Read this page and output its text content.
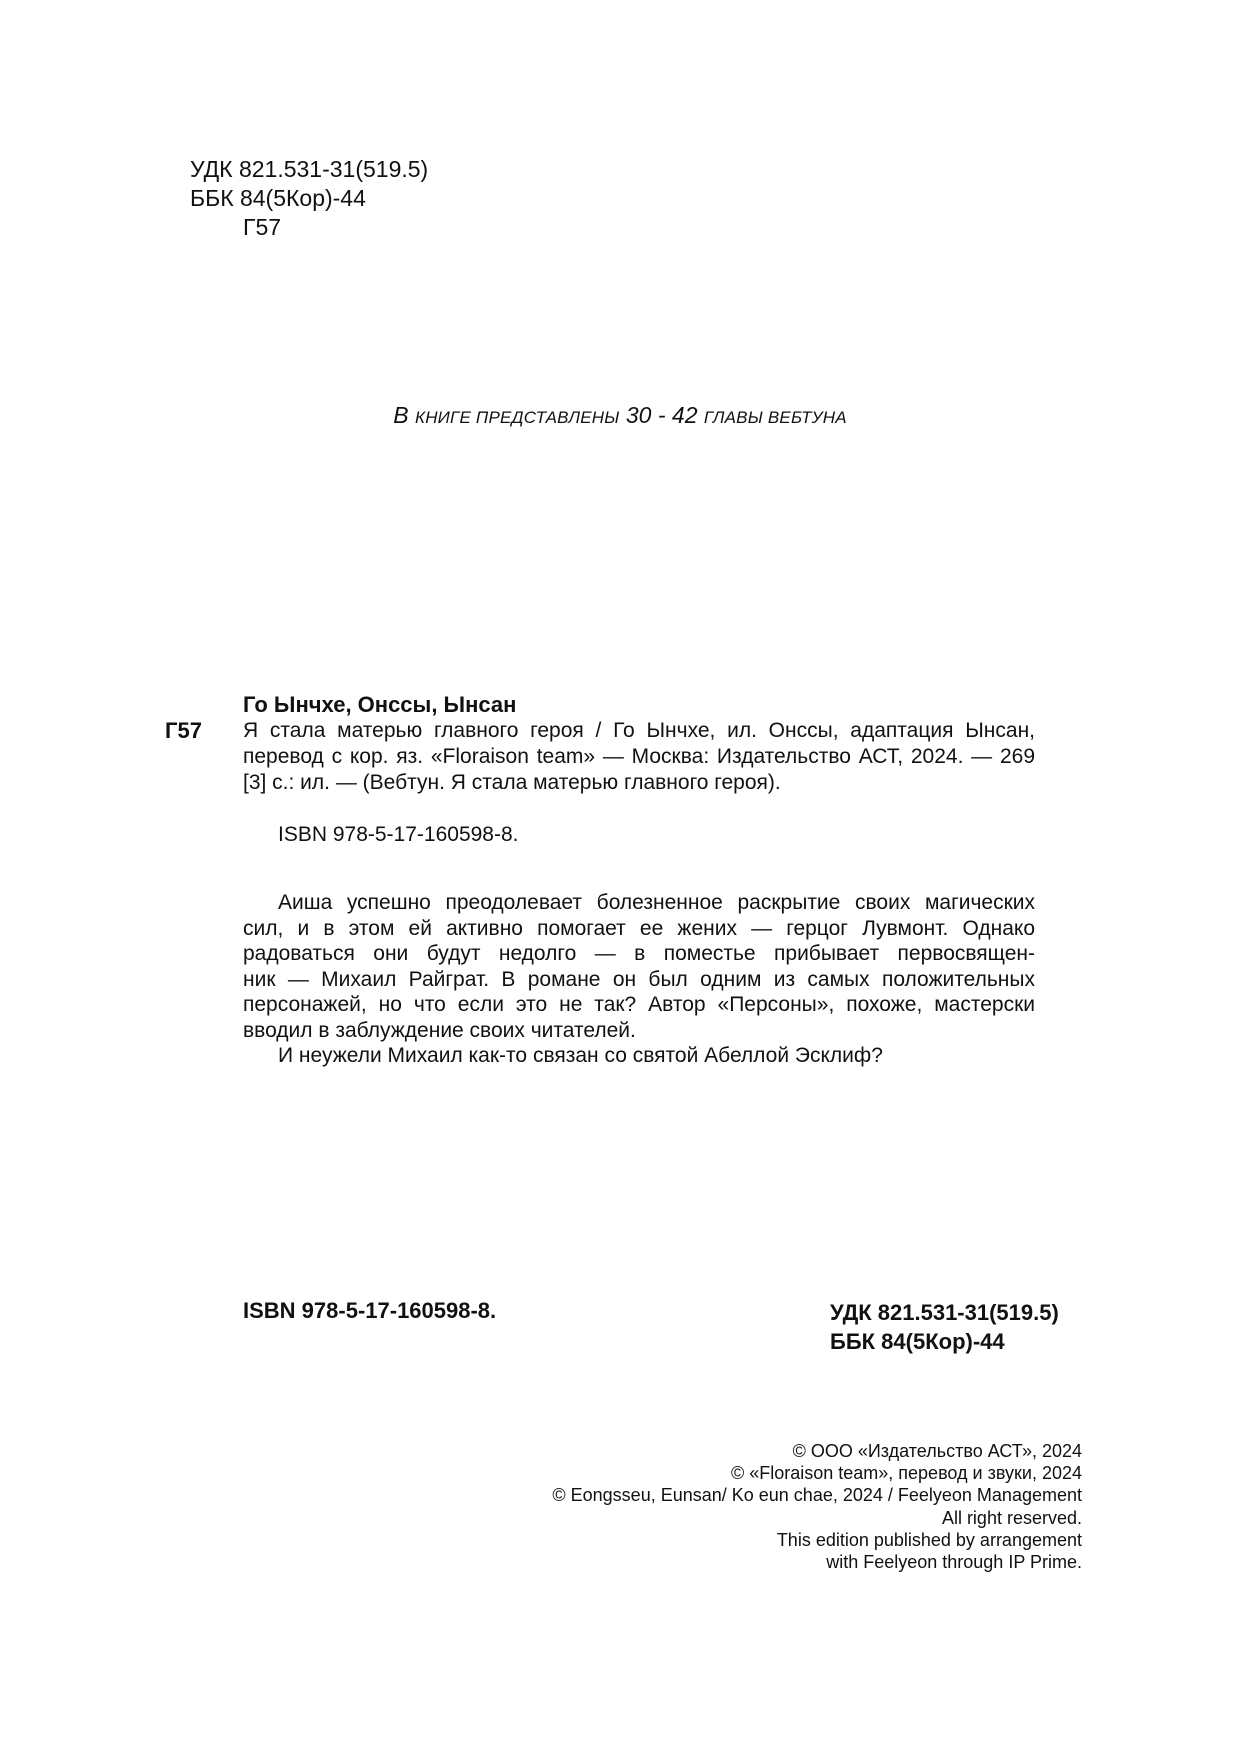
УДК 821.531-31(519.5)
ББК 84(5Кор)-44
Г57
В КНИГЕ ПРЕДСТАВЛЕНЫ 30 - 42 ГЛАВЫ ВЕБТУНА
Го Ынчхе, Онссы, Ынсан
Г57 Я стала матерью главного героя / Го Ынчхе, ил. Онссы, адаптация Ынсан,
перевод с кор. яз. «Floraison team» — Москва: Издательство АСТ, 2024. — 269
[3] с.: ил. — (Вебтун. Я стала матерью главного героя).
ISBN 978-5-17-160598-8.
Аиша успешно преодолевает болезненное раскрытие своих магических
сил, и в этом ей активно помогает ее жених — герцог Лувмонт. Однако
радоваться они будут недолго — в поместье прибывает первосвящен-
ник — Михаил Райграт. В романе он был одним из самых положительных
персонажей, но что если это не так? Автор «Персоны», похоже, мастерски
вводил в заблуждение своих читателей.
И неужели Михаил как-то связан со святой Абеллой Эсклиф?
ISBN 978-5-17-160598-8.	УДК 821.531-31(519.5)
ББК 84(5Кор)-44
© ООО «Издательство АСТ», 2024
© «Floraison team», перевод и звуки, 2024
© Eongsseu, Eunsan/ Ko eun chae, 2024 / Feelyeon Management
All right reserved.
This edition published by arrangement
with Feelyeon through IP Prime.
